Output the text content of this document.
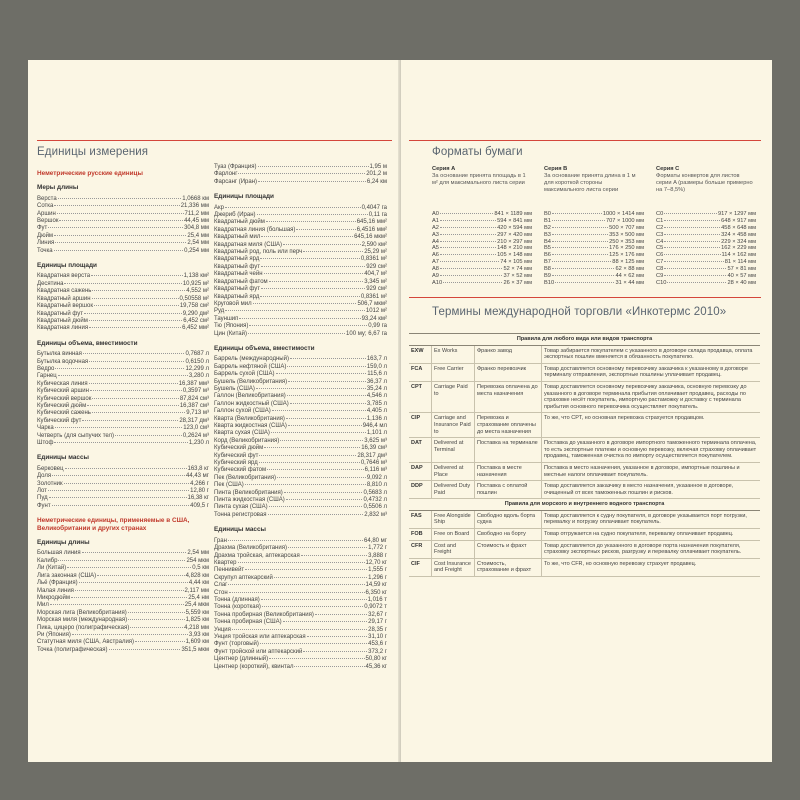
Единицы измерения
Неметрические русские единицы
Меры длины
Верста	1,0668 км
Сотка	21,336 мм
Аршин	711,2 мм
Вершок	44,45 мм
Фут	304,8 мм
Дюйм	25,4 мм
Линия	2,54 мм
Точка	0,254 мм
Единицы площади
Квадратная верста	1,138 км²
Десятина	10,925 м²
Квадратная сажень	4,552 м²
Квадратный аршин	0,50558 м²
Квадратный вершок	19,758 см²
Квадратный фут	9,290 дм²
Квадратный дюйм	6,452 см²
Квадратная линия	6,452 мм²
Единицы объема, вместимости
Бутылка винная	0,7687 л
Бутылка водочная	0,6150 л
Ведро	12,299 л
Гарнец	3,280 л
Кубическая линия	16,387 мм³
Кубический аршин	0,3597 м³
Кубический вершок	87,824 см³
Кубический дюйм	16,387 см³
Кубический сажень	9,713 м³
Кубический фут	28,317 дм³
Чарка	123,0 см³
Четверть (для сыпучих тел)	0,2624 м³
Штоф	1,230 л
Единицы массы
Берковец	163,8 кг
Доля	44,43 мг
Золотник	4,266 г
Лот	12,80 г
Пуд	16,38 кг
Фунт	409,5 г
Неметрические единицы, применяемые в США, Великобритании и других странах
Единицы длины
Большая линия	2,54 мм
Калибр	254 мкм
Ли (Китай)	0,5 км
Лига законная (США)	4,828 км
Льё (Франция)	4,44 км
Малая линия	2,117 мм
Микродюйм	25,4 нм
Мил	25,4 мкм
Морская лига (Великобритания)	5,559 км
Морская миля (международная)	1,825 км
Пика, цицеро (полиграфическая)	4,218 мм
Ри (Япония)	3,93 км
Статутная миля (США, Австралия)	1,609 км
Точка (полиграфическая)	351,5 мкм
Туаз (Франция)	1,95 м
Фарлонг	201,2 м
Фарсанг (Иран)	6,24 км
Единицы площади
Акр	0,4047 га
Джериб (Иран)	0,11 га
Квадратный дюйм	645,16 мм²
Квадратная линия (большая)	6,4516 мм²
Квадратный мил	645,16 мкм²
Квадратная миля (США)	2,590 км²
Квадратный род, поль или перч	25,29 м²
Квадратный ярд	0,8361 м²
Квадратный фут	929 см²
Квадратный чейн	404,7 м²
Квадратный фатом	3,345 м²
Квадратный фут	929 см²
Квадратный ярд	0,8361 м²
Круговой мил	506,7 мкм²
Руд	1012 м²
Тауншип	93,24 км²
Тю (Япония)	0,99 га
Цин (Китай)	100 му; 6,67 га
Единицы объема, вместимости
Баррель (международный)	163,7 л
Баррель нефтяной (США)	159,0 л
Баррель сухой (США)	115,6 л
Бушель (Великобритания)	36,37 л
Бушель (США)	35,24 л
Галлон (Великобритания)	4,546 л
Галлон жидкостный (США)	3,785 л
Галлон сухой (США)	4,405 л
Кварта (Великобритания)	1,136 л
Кварта жидкостная (США)	946,4 мл
Кварта сухая (США)	1,101 л
Корд (Великобритания)	3,625 м³
Кубический дюйм	16,39 см³
Кубический фут	28,317 дм³
Кубический ярд	0,7646 м³
Кубический фатом	6,116 м³
Пек (Великобритания)	9,092 л
Пек (США)	8,810 л
Пинта (Великобритания)	0,5683 л
Пинта жидкостная (США)	0,4732 л
Пинта сухая (США)	0,5506 л
Тонна регистровая	2,832 м³
Единицы массы
Гран	64,80 мг
Драхма (Великобритания)	1,772 г
Драхма тройская, аптекарская	3,888 г
Квартер	12,70 кг
Пеннивейт	1,555 г
Скрупул аптекарский	1,296 г
Слаг	14,59 кг
Стон	6,350 кг
Тонна (длинная)	1,016 т
Тонна (короткая)	0,9072 т
Тонна пробирная (Великобритания)	32,67 г
Тонна пробирная (США)	29,17 г
Унция	28,35 г
Унция тройская или аптекарская	31,10 г
Фунт (торговый)	453,6 г
Фунт тройской или аптекарский	373,2 г
Центнер (длинный)	50,80 кг
Центнер (короткий), квинтал	45,36 кг
Форматы бумаги
Серия A
За основание принята площадь в 1 м² для максимального листа серии
A0	841 × 1189 мм
A1	594 × 841 мм
A2	420 × 594 мм
A3	297 × 420 мм
A4	210 × 297 мм
A5	148 × 210 мм
A6	105 × 148 мм
A7	74 × 105 мм
A8	52 × 74 мм
A9	37 × 52 мм
A10	26 × 37 мм
Серия B
За основание принята длина в 1 м для короткой стороны максимального листа серии
B0	1000 × 1414 мм
B1	707 × 1000 мм
B2	500 × 707 мм
B3	353 × 500 мм
B4	250 × 353 мм
B5	176 × 250 мм
B6	125 × 176 мм
B7	88 × 125 мм
B8	62 × 88 мм
B9	44 × 62 мм
B10	31 × 44 мм
Серия C
Форматы конвертов для листов серии A (размеры больше примерно на 7–8,5%)
C0	917 × 1297 мм
C1	648 × 917 мм
C2	458 × 648 мм
C3	324 × 458 мм
C4	229 × 324 мм
C5	162 × 229 мм
C6	114 × 162 мм
C7	81 × 114 мм
C8	57 × 81 мм
C9	40 × 57 мм
C10	28 × 40 мм
Термины международной торговли «Инкотермс 2010»
Правила для любого вида или видов транспорта			
EXW	Ex Works	Франко завод	Товар забирается покупателем с указанного в договоре склада продавца, оплата экспортных пошлин вменяется в обязанность покупателю.
FCA	Free Carrier	Франко перевозчик	Товар доставляется основному перевозчику заказчика к указанному в договоре терминалу отправления, экспортные пошлины уплачивает продавец.
CPT	Carriage Paid to	Перевозка оплачена до места назначения	Товар доставляется основному перевозчику заказчика, основную перевозку до указанного в договоре терминала прибытия оплачивает продавец, расходы по страховке несёт покупатель, импортную растаможку и доставку с терминала прибытия основного перевозчика осуществляет покупатель.
CIP	Carriage and Insurance Paid to	Перевозка и страхование оплачены до места назначения	То же, что CPT, но основная перевозка страхуется продавцом.
DAT	Delivered at Terminal	Поставка на терминале	Поставка до указанного в договоре импортного таможенного терминала оплачена, то есть экспортные платежи и основную перевозку, включая страховку оплачивает продавец, таможенная очистка по импорту осуществляется покупателем.
DAP	Delivered at Place	Поставка в месте назначения	Поставка в место назначения, указанное в договоре, импортные пошлины и местные налоги оплачивает покупатель.
DDP	Delivered Duty Paid	Поставка с оплатой пошлин	Товар доставляется заказчику в место назначения, указанное в договоре, очищенный от всех таможенных пошлин и рисков.
Правила для морского и внутреннего водного транспорта			
FAS	Free Alongside Ship	Свободно вдоль борта судна	Товар доставляется к судну покупателя, в договоре указывается порт погрузки, перевалку и погрузку оплачивает покупатель.
FOB	Free on Board	Свободно на борту	Товар отгружается на судно покупателя, перевалку оплачивает продавец.
CFR	Cost and Freight	Стоимость и фрахт	Товар доставляется до указанного в договоре порта назначения покупателя, страховку экспортных рисков, разгрузку и перевалку оплачивает покупатель.
CIF	Cost Insurance and Freight	Стоимость, страхование и фрахт	То же, что CFR, но основную перевозку страхует продавец.
